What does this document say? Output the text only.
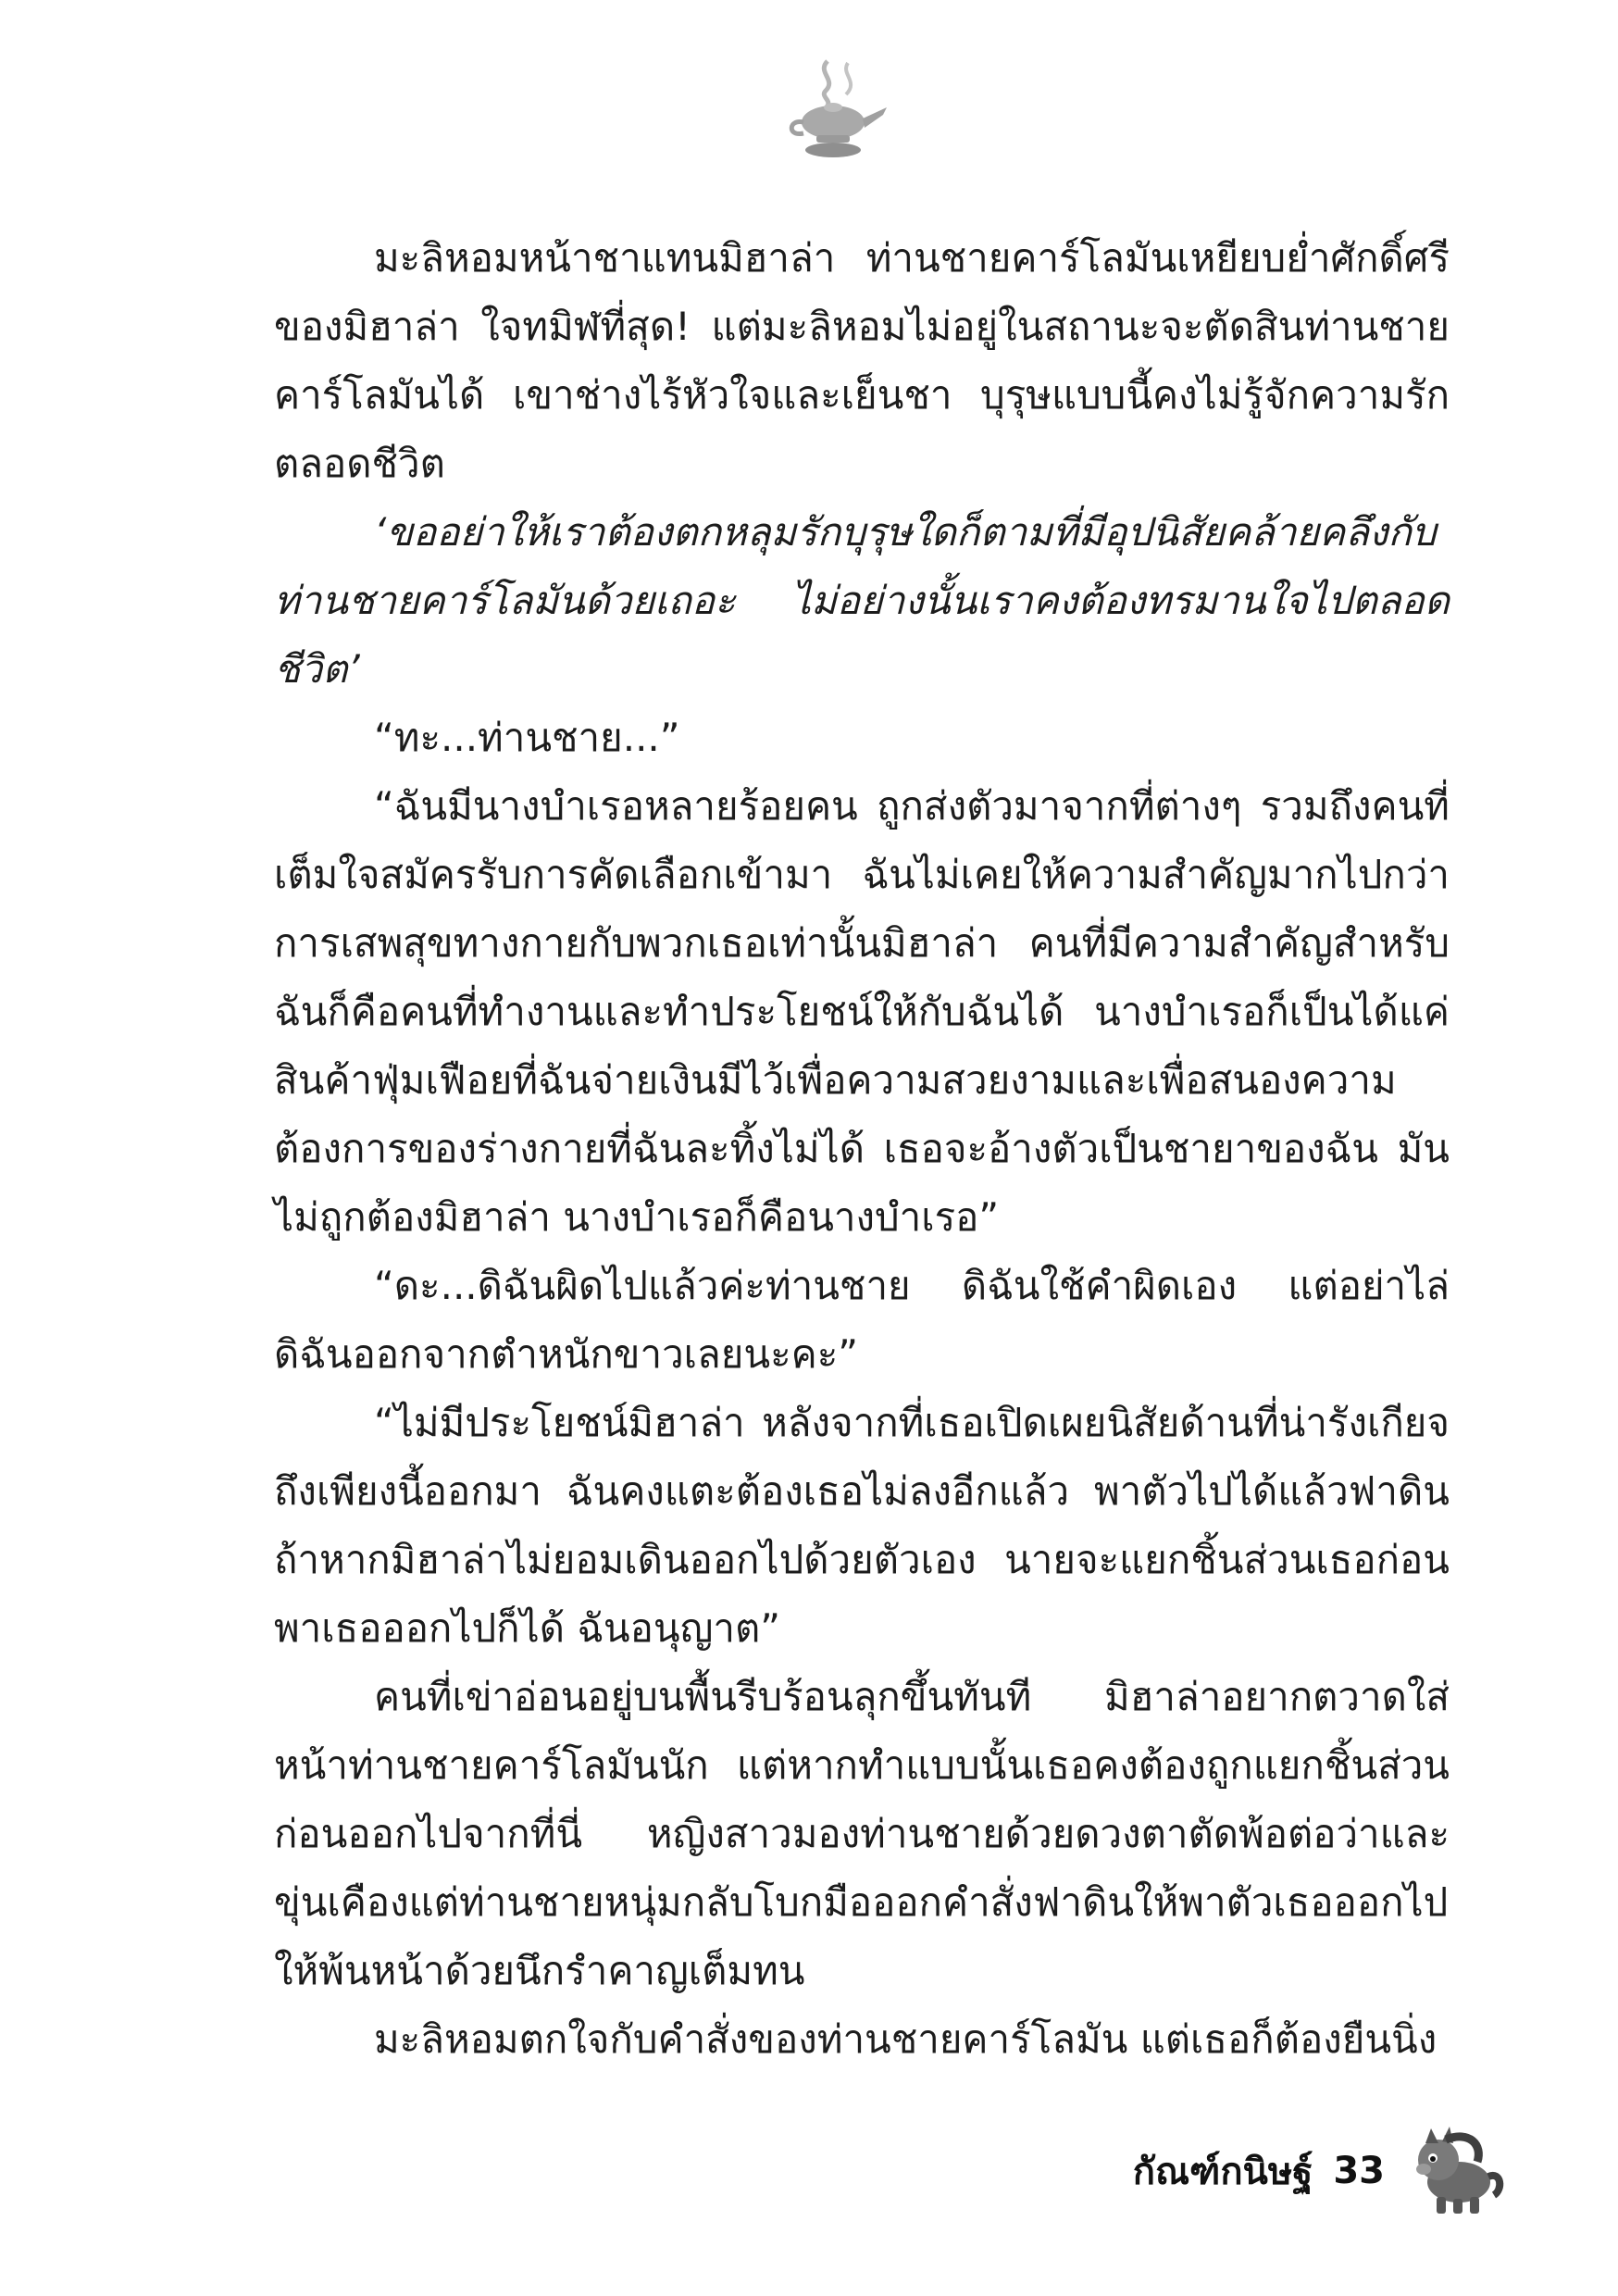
มะลิหอมหน้าชาแทนมิฮาล่า ท่านชายคาร์โลมันเหยียบย่ำศักดิ์ศรีของมิฮาล่า ใจทมิฬที่สุด! แต่มะลิหอมไม่อยู่ในสถานะจะตัดสินท่านชายคาร์โลมันได้ เขาช่างไร้หัวใจและเย็นชา บุรุษแบบนี้คงไม่รู้จักความรักตลอดชีวิต

‘ขออย่าให้เราต้องตกหลุมรักบุรุษใดก็ตามที่มีอุปนิสัยคล้ายคลึงกับท่านชายคาร์โลมันด้วยเถอะ ไม่อย่างนั้นเราคงต้องทรมานใจไปตลอดชีวิต’

“ทะ...ท่านชาย...”

“ฉันมีนางบำเรอหลายร้อยคน ถูกส่งตัวมาจากที่ต่างๆ รวมถึงคนที่เต็มใจสมัครรับการคัดเลือกเข้ามา ฉันไม่เคยให้ความสำคัญมากไปกว่าการเสพสุขทางกายกับพวกเธอเท่านั้นมิฮาล่า คนที่มีความสำคัญสำหรับฉันก็คือคนที่ทำงานและทำประโยชน์ให้กับฉันได้ นางบำเรอก็เป็นได้แค่สินค้าฟุ่มเฟือยที่ฉันจ่ายเงินมีไว้เพื่อความสวยงามและเพื่อสนองความต้องการของร่างกายที่ฉันละทิ้งไม่ได้ เธอจะอ้างตัวเป็นชายาของฉัน มันไม่ถูกต้องมิฮาล่า นางบำเรอก็คือนางบำเรอ”

“ดะ...ดิฉันผิดไปแล้วค่ะท่านชาย ดิฉันใช้คำผิดเอง แต่อย่าไล่ดิฉันออกจากตำหนักขาวเลยนะคะ”

“ไม่มีประโยชน์มิฮาล่า หลังจากที่เธอเปิดเผยนิสัยด้านที่น่ารังเกียจถึงเพียงนี้ออกมา ฉันคงแตะต้องเธอไม่ลงอีกแล้ว พาตัวไปได้แล้วฟาดินถ้าหากมิฮาล่าไม่ยอมเดินออกไปด้วยตัวเอง นายจะแยกชิ้นส่วนเธอก่อนพาเธอออกไปก็ได้ ฉันอนุญาต”

คนที่เข่าอ่อนอยู่บนพื้นรีบร้อนลุกขึ้นทันที มิฮาล่าอยากตวาดใส่หน้าท่านชายคาร์โลมันนัก แต่หากทำแบบนั้นเธอคงต้องถูกแยกชิ้นส่วนก่อนออกไปจากที่นี่ หญิงสาวมองท่านชายด้วยดวงตาตัดพ้อต่อว่าและขุ่นเคืองแต่ท่านชายหนุ่มกลับโบกมือออกคำสั่งฟาดินให้พาตัวเธอออกไปให้พ้นหน้าด้วยนึกรำคาญเต็มทน

มะลิหอมตกใจกับคำสั่งของท่านชายคาร์โลมัน แต่เธอก็ต้องยืนนิ่ง

กัณฑ์กนิษฐ์ 33
